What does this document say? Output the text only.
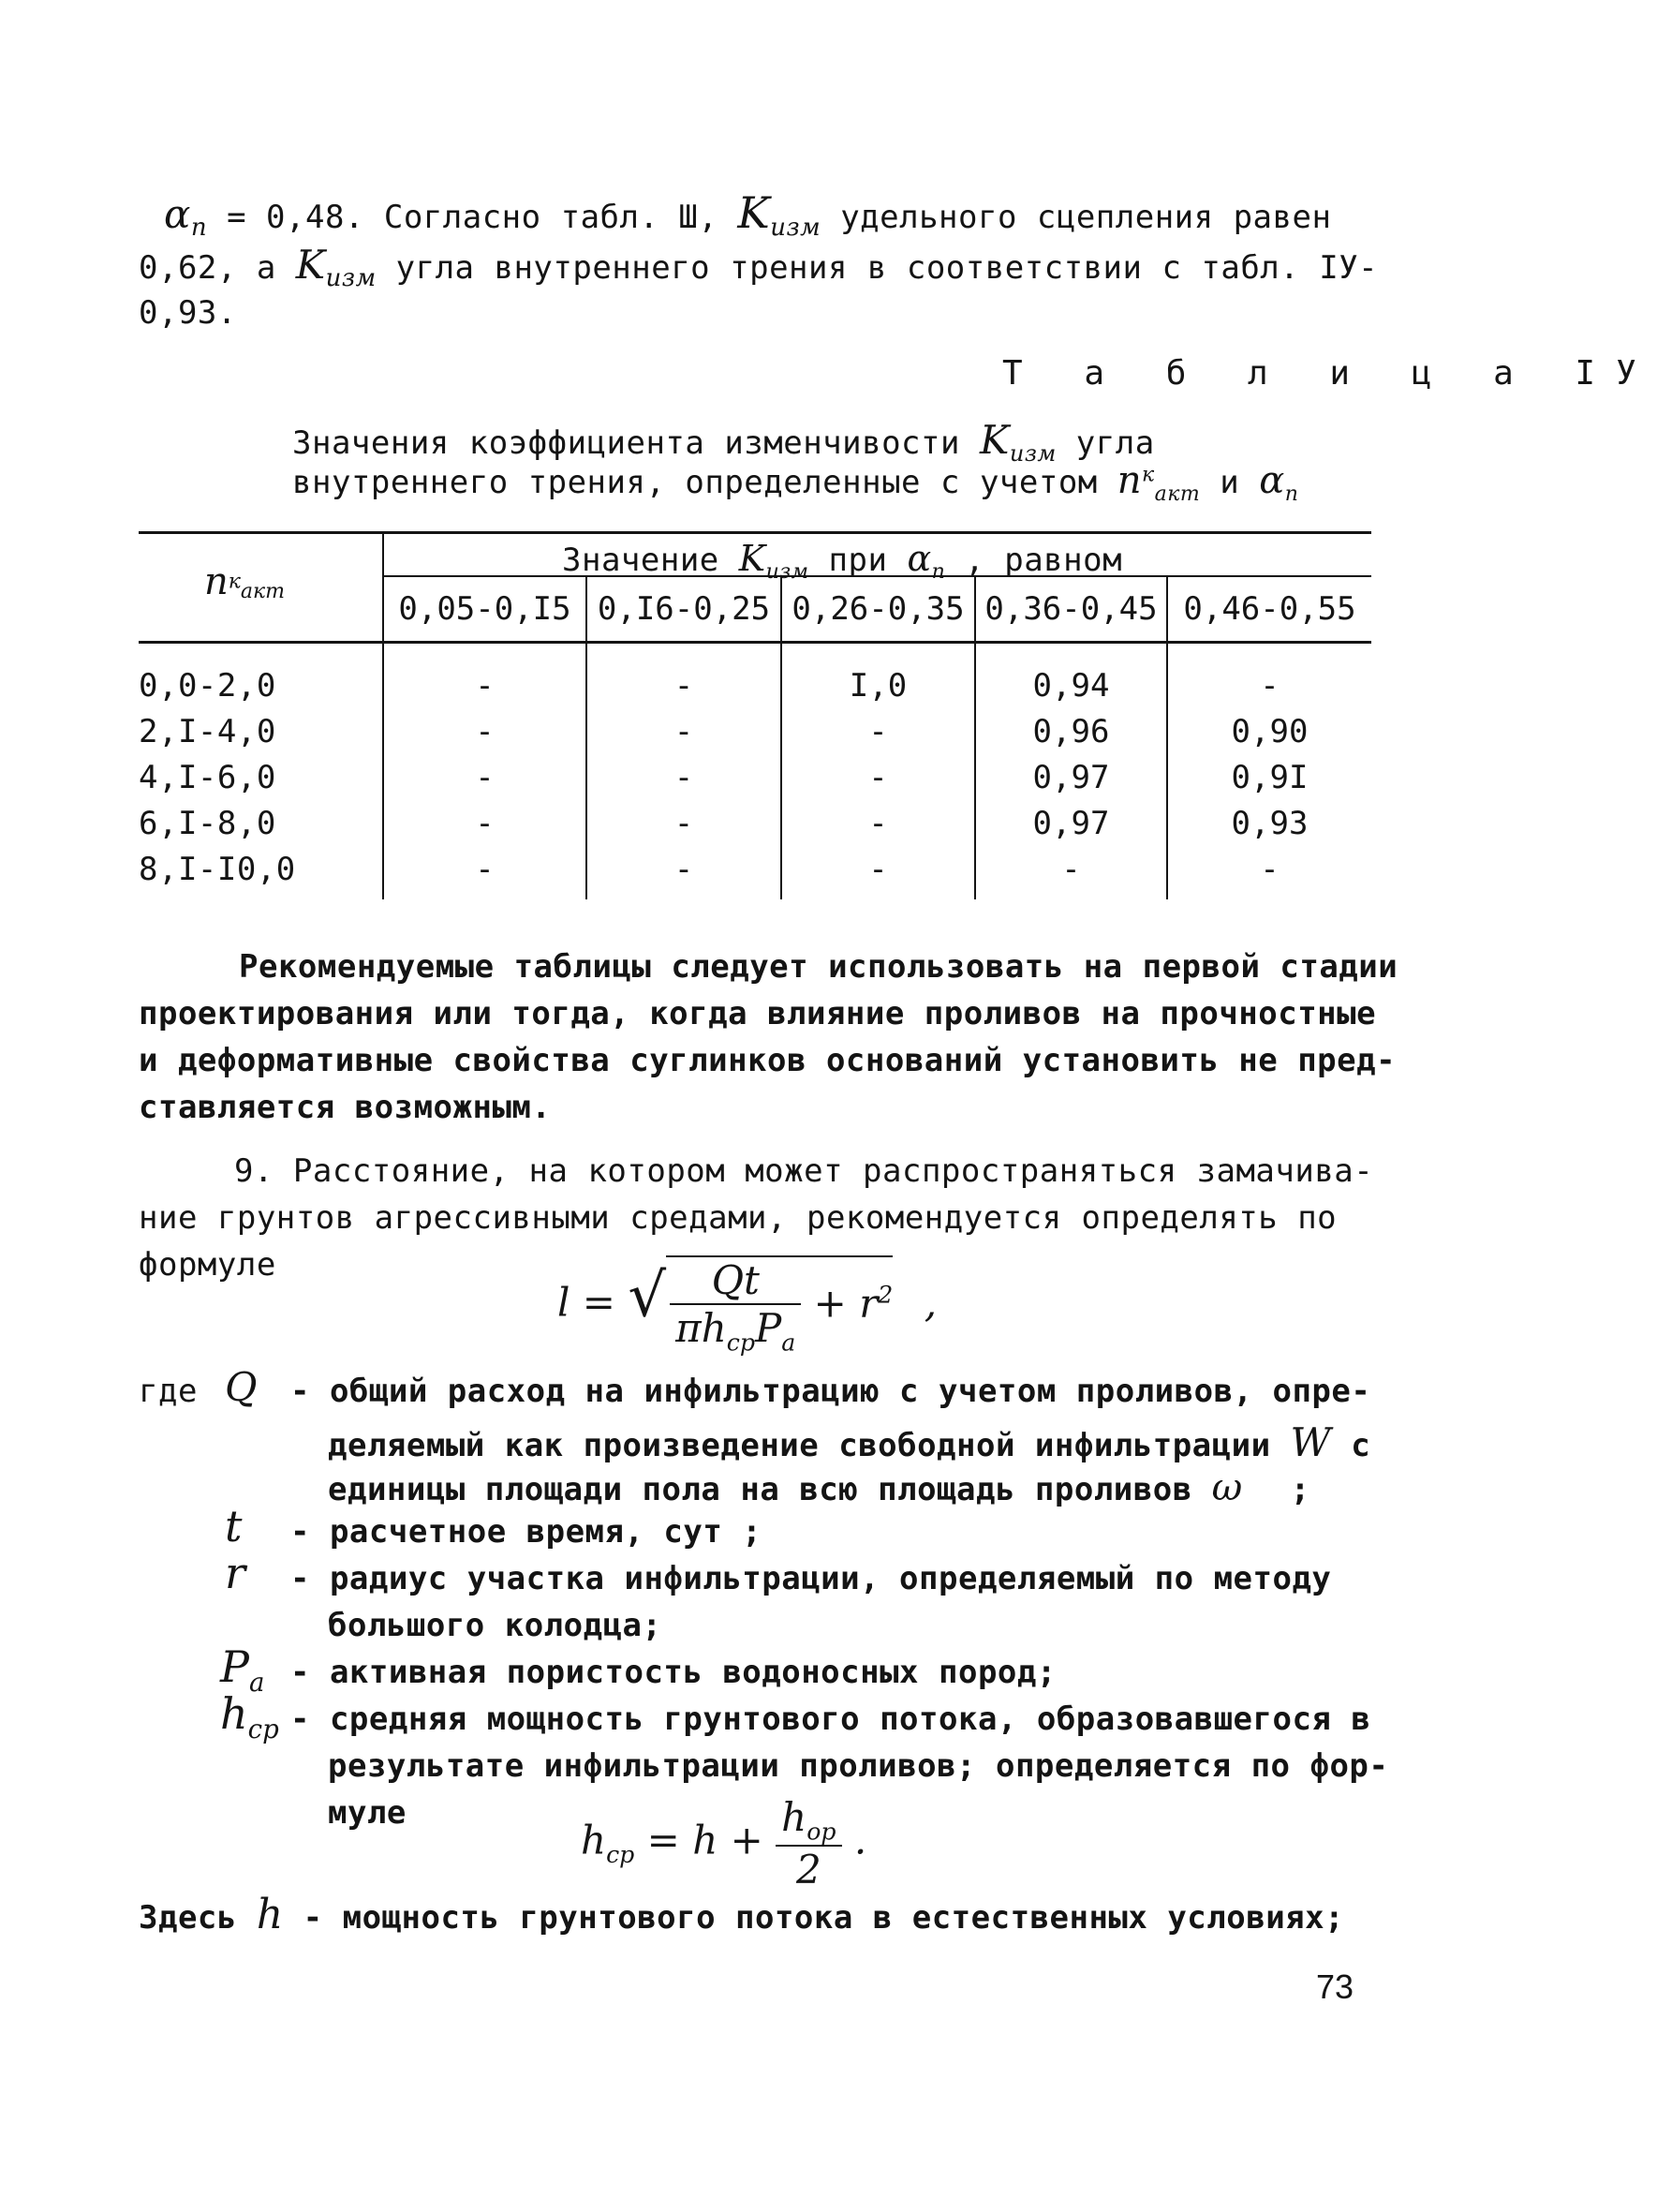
$\alpha_п = 0,48$. Согласно табл. Ш, $K_{изм}$ удельного сцепления равен
0,62, а $K_{изм}$ угла внутреннего трения в соответствии с табл. IУ-
0,93.
Т а б л и ц а IУ
Значения коэффициента изменчивости $K_{изм}$ угла
внутреннего трения, определенные с учетом $n^к_{акт}$ и $\alpha_п$
nкакт
Значение $K_{изм}$ при $\alpha_п$ , равном
0,05-0,I5 0,I6-0,25 0,26-0,35 0,36-0,45 0,46-0,55
0,0-2,0	-	-	I,0	0,94	-
2,I-4,0	-	-	-	0,96	0,90
4,I-6,0	-	-	-	0,97	0,9I
6,I-8,0	-	-	-	0,97	0,93
8,I-I0,0	-	-	-	-	-
Рекомендуемые таблицы следует использовать на первой стадии
проектирования или тогда, когда влияние проливов на прочностные
и деформативные свойства суглинков оснований установить не пред-
ставляется возможным.
9. Расстояние, на котором может распространяться замачива-
ние грунтов агрессивными средами, рекомендуется определять по
формуле
l = √ $\frac{Qt}{\pi h_{cp}P_a} + r^2$ ,
где Q - общий расход на инфильтрацию с учетом проливов, опре-
деляемый как произведение свободной инфильтрации W с
единицы площади пола на всю площадь проливов ω ;
t - расчетное время, сут ;
r - радиус участка инфильтрации, определяемый по методу
большого колодца;
$P_a$ - активная пористость водоносных пород;
$h_{cp}$ - средняя мощность грунтового потока, образовавшегося в
результате инфильтрации проливов; определяется по фор-
муле
$h_{cp} = h + \frac{h_{op}}{2}$ .
Здесь h - мощность грунтового потока в естественных условиях;
73
